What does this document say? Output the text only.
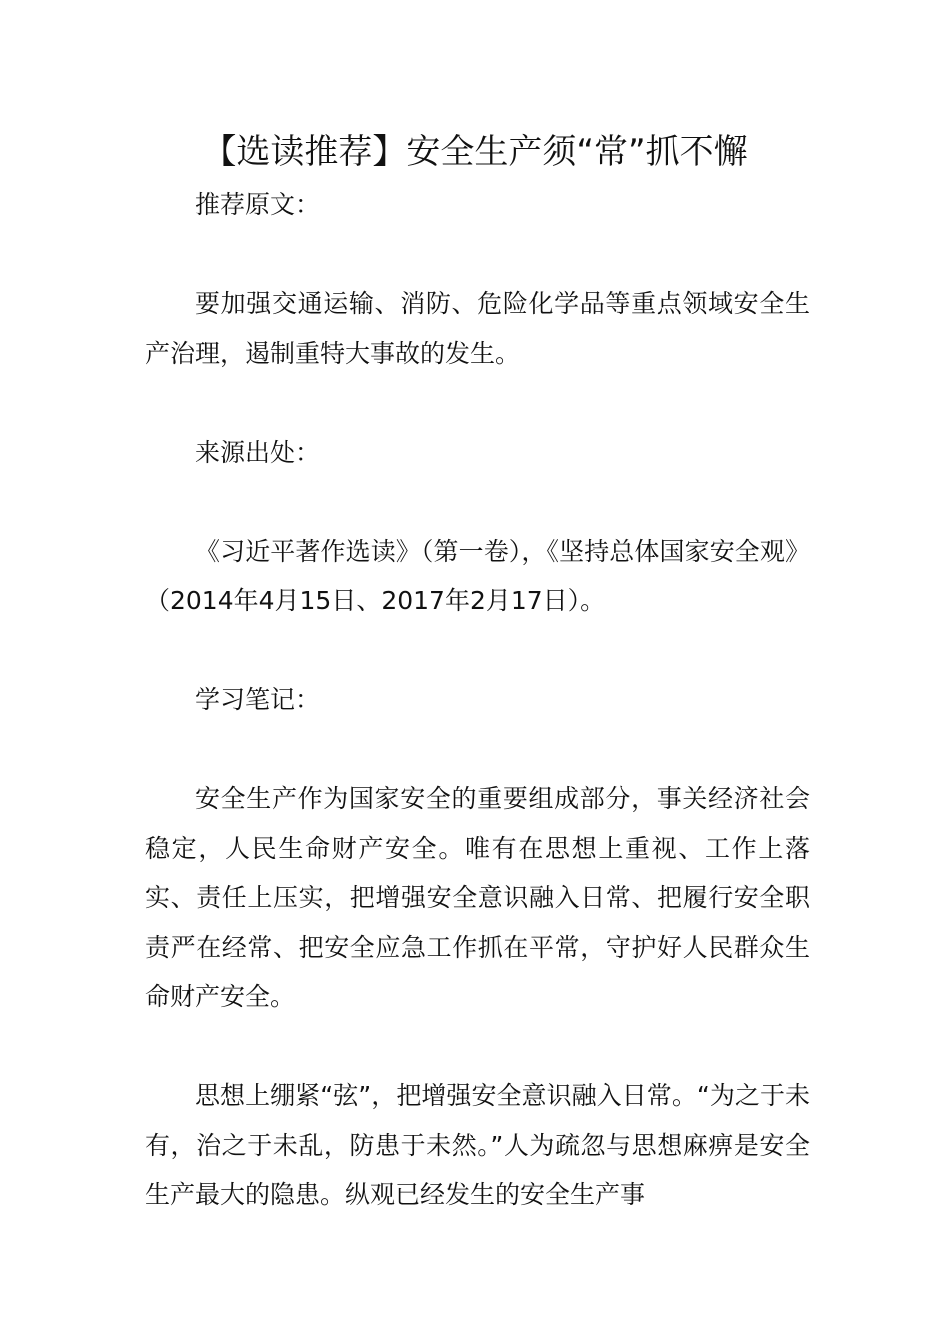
【选读推荐】安全生产须“常”抓不懈

推荐原文：

要加强交通运输、消防、危险化学品等重点领域安全生产治理，遏制重特大事故的发生。

来源出处：

《习近平著作选读》（第一卷），《坚持总体国家安全观》（2014年4月15日、2017年2月17日）。

学习笔记：

安全生产作为国家安全的重要组成部分，事关经济社会稳定，人民生命财产安全。唯有在思想上重视、工作上落实、责任上压实，把增强安全意识融入日常、把履行安全职责严在经常、把安全应急工作抓在平常，守护好人民群众生命财产安全。

思想上绷紧“弦”，把增强安全意识融入日常。“为之于未有，治之于未乱，防患于未然。”人为疏忽与思想麻痹是安全生产最大的隐患。纵观已经发生的安全生产事
